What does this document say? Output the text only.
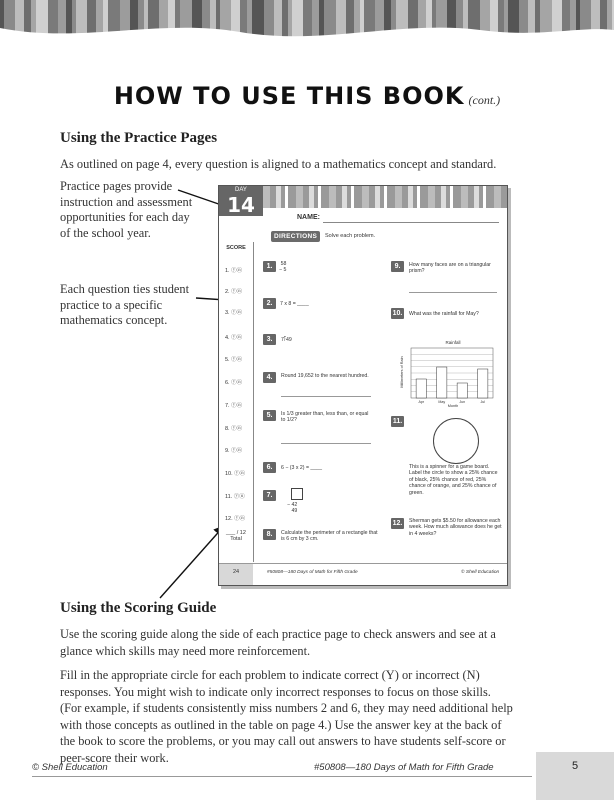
HOW TO USE THIS BOOK (cont.)
Using the Practice Pages
As outlined on page 4, every question is aligned to a mathematics concept and standard.
Practice pages provide
instruction and assessment
opportunities for each day
of the school year.
Each question ties student
practice to a specific
mathematics concept.
DAY
14
NAME:
DIRECTIONS	Solve each problem.
SCORE
1. ⓨⓝ
2. ⓨⓝ
3. ⓨⓝ
4. ⓨⓝ
5. ⓨⓝ
6. ⓨⓝ
7. ⓨⓝ
8. ⓨⓝ
9. ⓨⓝ
10. ⓨⓝ
11. ⓨⓝ
12. ⓨⓝ
___ / 12
Total
1.	58
− 5
2.	7 x 8 = ____
3.	7⟌49
4.	Round 19,652 to the nearest hundred.
5.	Is 1/3 greater than, less than, or equal to 1/2?
6.	6 − (3 x 2) = ____
7.
− 42
49
8.	Calculate the perimeter of a rectangle that is 6 cm by 3 cm.
9.	How many faces are on a triangular prism?
10.	What was the rainfall for May?
Rainfall
Millimeters of Rain
Apr	May	Jun	Jul
Month
11.
This is a spinner for a game board. Label the circle to show a 25% chance of black, 25% chance of red, 25% chance of orange, and 25% chance of green.
12.	Sherman gets $5.50 for allowance each week. How much allowance does he get in 4 weeks?
24	#50808—180 Days of Math for Fifth Grade	© Shell Education
Using the Scoring Guide
Use the scoring guide along the side of each practice page to check answers and see at a
glance which skills may need more reinforcement.
Fill in the appropriate circle for each problem to indicate correct (Y) or incorrect (N)
responses. You might wish to indicate only incorrect responses to focus on those skills.
(For example, if students consistently miss numbers 2 and 6, they may need additional help
with those concepts as outlined in the table on page 4.) Use the answer key at the back of
the book to score the problems, or you may call out answers to have students self-score or
peer-score their work.
© Shell Education	#50808—180 Days of Math for Fifth Grade	5
